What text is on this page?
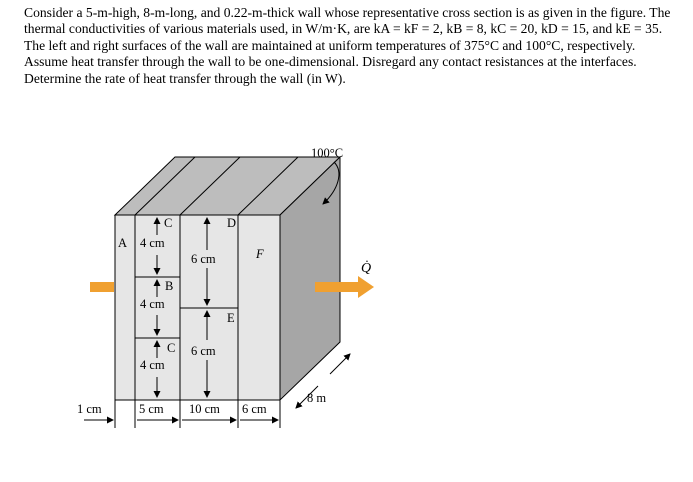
Consider a 5-m-high, 8-m-long, and 0.22-m-thick wall whose representative cross section is as given in the figure. The thermal conductivities of various materials used, in W/m·K, are kA = kF = 2, kB = 8, kC = 20, kD = 15, and kE = 35. The left and right surfaces of the wall are maintained at uniform temperatures of 375°C and 100°C, respectively. Assume heat transfer through the wall to be one-dimensional. Disregard any contact resistances at the interfaces. Determine the rate of heat transfer through the wall (in W).

A
C	D
F
B
E
C
4 cm
6 cm
4 cm
6 cm
4 cm
Q̇
100°C
8 m
1 cm	5 cm 10 cm 6 cm
